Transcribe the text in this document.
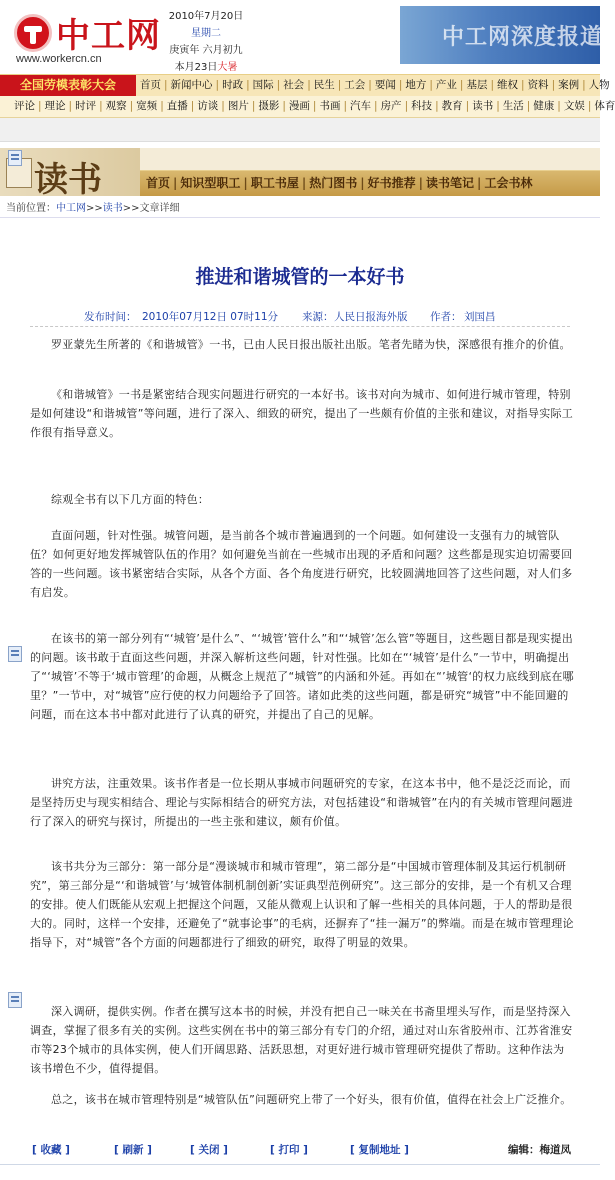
中工网
www.workercn.cn
2010年7月20日
星期二
庚寅年 六月初九
本月23日大暑
中工网深度报道
全国劳模表彰大会	首页 | 新闻中心 | 时政 | 国际 | 社会 | 民生 | 工会 | 要闻 | 地方 | 产业 | 基层 | 维权 | 资料 | 案例 | 人物
评论 | 理论 | 时评 | 观察 | 宽频 | 直播 | 访谈 | 图片 | 摄影 | 漫画 | 书画 | 汽车 | 房产 | 科技 | 教育 | 读书 | 生活 | 健康 | 文娱 | 体育
读书	首页 | 知识型职工 | 职工书屋 | 热门图书 | 好书推荐 | 读书笔记 | 工会书林
当前位置：中工网>>读书>>文章详细
推进和谐城管的一本好书
发布时间： 2010年07月12日 07时11分 来源： 人民日报海外版 作者： 刘国昌
罗亚蒙先生所著的《和谐城管》一书，已由人民日报出版社出版。笔者先睹为快，深感很有推介的价值。
《和谐城管》一书是紧密结合现实问题进行研究的一本好书。该书对向为城市、如何进行城市管理，特别是如何建设“和谐城管”等问题，进行了深入、细致的研究，提出了一些颇有价值的主张和建议，对指导实际工作很有指导意义。
综观全书有以下几方面的特色：
直面问题，针对性强。城管问题，是当前各个城市普遍遇到的一个问题。如何建设一支强有力的城管队伍？如何更好地发挥城管队伍的作用？如何避免当前在一些城市出现的矛盾和问题？这些都是现实迫切需要回答的一些问题。该书紧密结合实际，从各个方面、各个角度进行研究，比较圆满地回答了这些问题，对人们多有启发。
在该书的第一部分列有“‘城管’是什么”、“‘城管’管什么”和“‘城管’怎么管”等题目，这些题目都是现实提出的问题。该书敢于直面这些问题，并深入解析这些问题，针对性强。比如在“‘城管’是什么”一节中，明确提出了“‘城管’不等于‘城市管理’的命题，从概念上规范了“城管”的内涵和外延。再如在“’城管‘的权力底线到底在哪里？”一节中，对“城管”应行使的权力问题给予了回答。诸如此类的这些问题，都是研究“城管”中不能回避的问题，而在这本书中都对此进行了认真的研究，并提出了自己的见解。
讲究方法，注重效果。该书作者是一位长期从事城市问题研究的专家，在这本书中，他不是泛泛而论，而是坚持历史与现实相结合、理论与实际相结合的研究方法，对包括建设“和谐城管”在内的有关城市管理问题进行了深入的研究与探讨，所提出的一些主张和建议，颇有价值。
该书共分为三部分：第一部分是“漫谈城市和城市管理”，第二部分是“中国城市管理体制及其运行机制研究”，第三部分是“‘和谐城管’与‘城管体制机制创新’实证典型范例研究”。这三部分的安排，是一个有机又合理的安排。使人们既能从宏观上把握这个问题，又能从微观上认识和了解一些相关的具体问题，于人的帮助是很大的。同时，这样一个安排，还避免了“就事论事”的毛病，还摒弃了“挂一漏万”的弊端。而是在城市管理理论指导下，对“城管”各个方面的问题都进行了细致的研究，取得了明显的效果。
深入调研，提供实例。作者在撰写这本书的时候，并没有把自己一味关在书斋里埋头写作，而是坚持深入调查，掌握了很多有关的实例。这些实例在书中的第三部分有专门的介绍，通过对山东省胶州市、江苏省淮安市等23个城市的具体实例，使人们开阔思路、活跃思想，对更好进行城市管理研究提供了帮助。这种作法为该书增色不少，值得提倡。
总之，该书在城市管理特别是“城管队伍”问题研究上带了一个好头，很有价值，值得在社会上广泛推介。
[ 收藏 ]	[ 刷新 ]	[ 关闭 ]	[ 打印 ]	[ 复制地址 ]	编辑：梅道凤
